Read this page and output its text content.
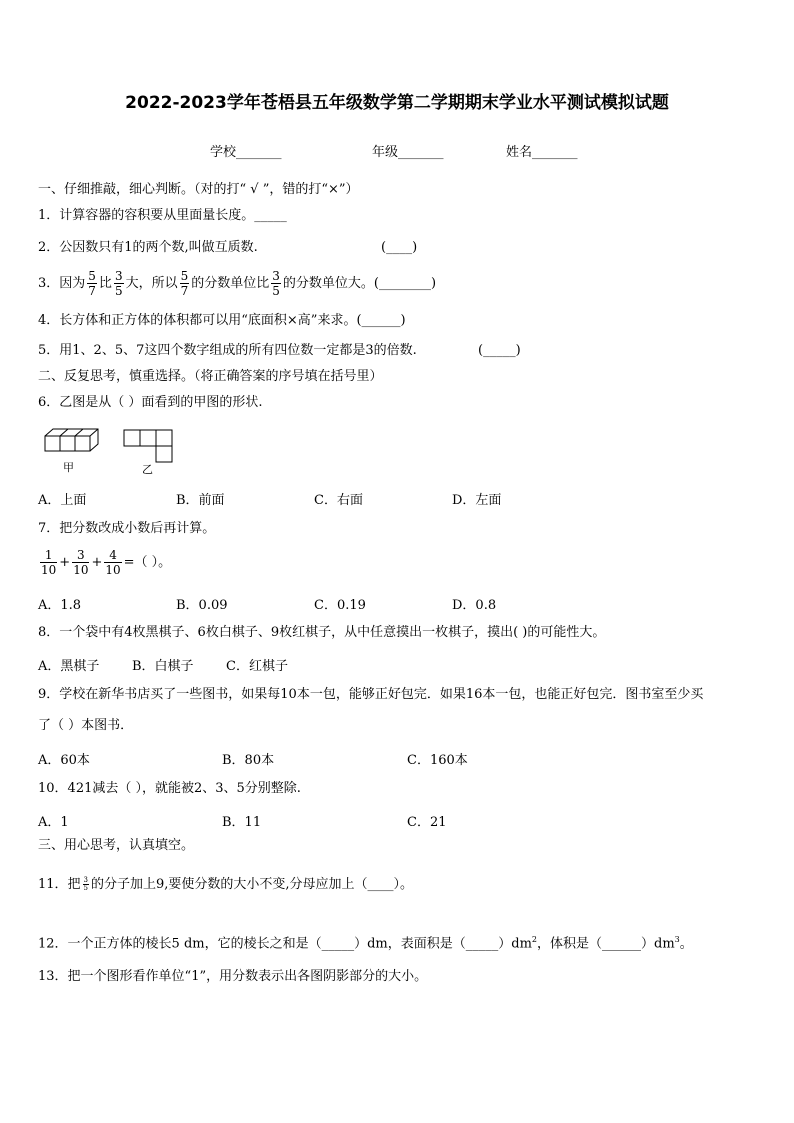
2022-2023学年苍梧县五年级数学第二学期期末学业水平测试模拟试题
学校_______	年级_______	姓名_______
一、仔细推敲，细心判断。（对的打“ √ ”，错的打“×”）
1．计算容器的容积要从里面量长度。_____
2．公因数只有1的两个数,叫做互质数.	(____)
3．因为 $\frac{5}{7}$ 比 $\frac{3}{5}$ 大，所以 $\frac{5}{7}$ 的分数单位比 $\frac{3}{5}$ 的分数单位大。(________)
4．长方体和正方体的体积都可以用“底面积×高”来求。(______)
5．用1、2、5、7这四个数字组成的所有四位数一定都是3的倍数.	(_____)
二、反复思考，慎重选择。（将正确答案的序号填在括号里）
6．乙图是从（ ）面看到的甲图的形状.
甲	乙
A．上面	B．前面	C．右面	D．左面
7．把分数改成小数后再计算。
$\frac{1}{10} + \frac{3}{10} + \frac{4}{10}$ =（ ）。
A．1.8	B．0.09	C．0.19	D．0.8
8．一个袋中有4枚黑棋子、6枚白棋子、9枚红棋子，从中任意摸出一枚棋子，摸出( )的可能性大。
A．黑棋子	B．白棋子 C．红棋子
9．学校在新华书店买了一些图书，如果每10本一包，能够正好包完．如果16本一包，也能正好包完．图书室至少买
了（ ）本图书．
A．60本	B．80本	C．160本
10．421减去（ ），就能被2、3、5分别整除.
A．1	B．11	C．21
三、用心思考，认真填空。
11．把 $\frac{3}{5}$ 的分子加上9,要使分数的大小不变,分母应加上（____）。
12．一个正方体的棱长5 dm，它的棱长之和是（_____）dm，表面积是$(\_\_\_\_\_)dm^2$，体积是$(\_\_\_\_\_\_)dm^3$。
13．把一个图形看作单位“1”，用分数表示出各图阴影部分的大小。
